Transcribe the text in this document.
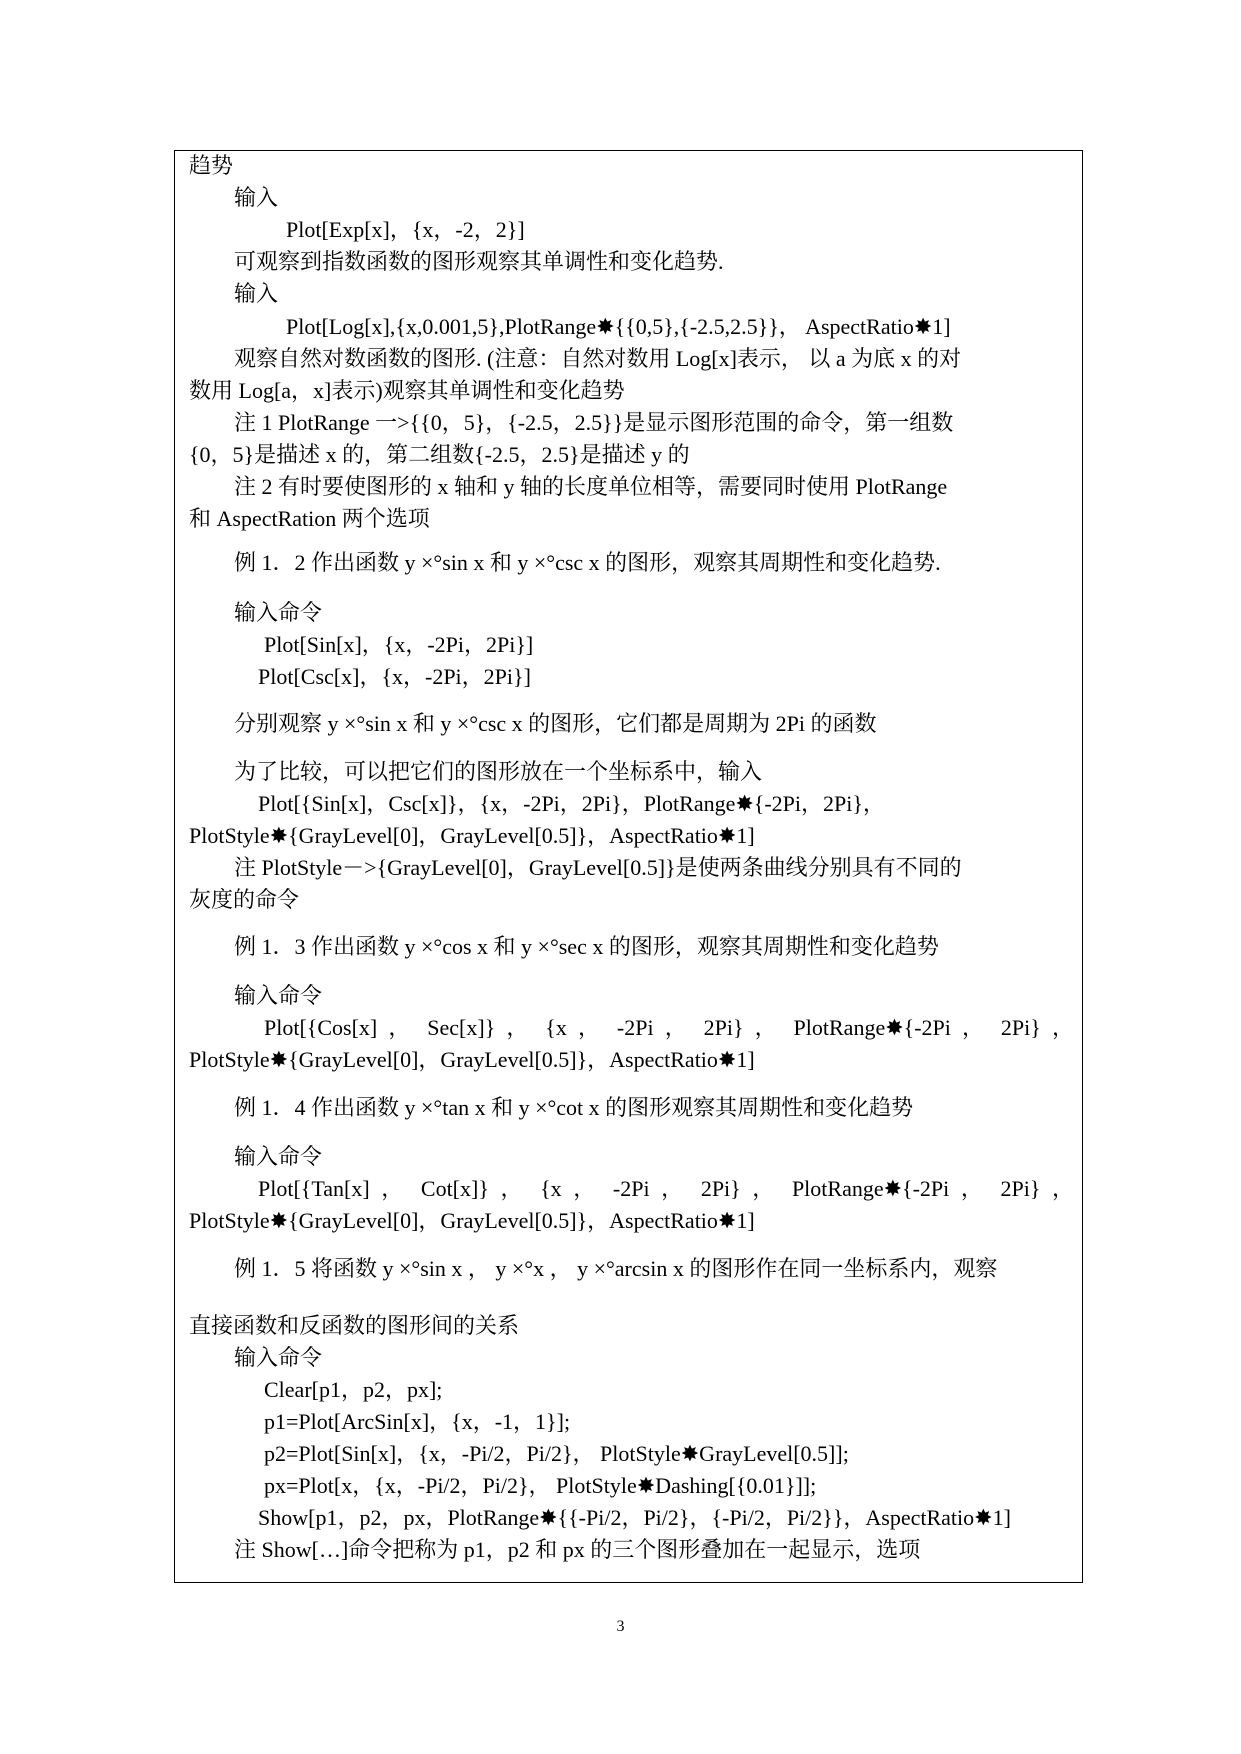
趋势
输入
Plot[Exp[x]，{x，-2，2}]
可观察到指数函数的图形观察其单调性和变化趋势.
输入
Plot[Log[x],{x,0.001,5},PlotRange✸{{0,5},{-2.5,2.5}}， AspectRatio✸1]
观察自然对数函数的图形. (注意：自然对数用 Log[x]表示， 以 a 为底 x 的对
数用 Log[a，x]表示)观察其单调性和变化趋势
注 1 PlotRange 一>{{0，5}，{-2.5，2.5}}是显示图形范围的命令，第一组数
{0，5}是描述 x 的，第二组数{-2.5，2.5}是描述 y 的
注 2 有时要使图形的 x 轴和 y 轴的长度单位相等，需要同时使用 PlotRange
和 AspectRation 两个选项
例 1．2 作出函数 y ×°sin x 和 y ×°csc x 的图形，观察其周期性和变化趋势.
输入命令
Plot[Sin[x]，{x，-2Pi，2Pi}]
Plot[Csc[x]，{x，-2Pi，2Pi}]
分别观察 y ×°sin x 和 y ×°csc x 的图形，它们都是周期为 2Pi 的函数
为了比较，可以把它们的图形放在一个坐标系中，输入
Plot[{Sin[x]，Csc[x]}，{x，-2Pi，2Pi}，PlotRange✸{-2Pi，2Pi}，
PlotStyle✸{GrayLevel[0]，GrayLevel[0.5]}，AspectRatio✸1]
注 PlotStyle－>{GrayLevel[0]，GrayLevel[0.5]}是使两条曲线分别具有不同的
灰度的命令
例 1．3 作出函数 y ×°cos x 和 y ×°sec x 的图形，观察其周期性和变化趋势
输入命令
Plot[{Cos[x] ， Sec[x]} ， {x ， -2Pi ， 2Pi} ， PlotRange✸{-2Pi ， 2Pi} ，
PlotStyle✸{GrayLevel[0]，GrayLevel[0.5]}，AspectRatio✸1]
例 1．4 作出函数 y ×°tan x 和 y ×°cot x 的图形观察其周期性和变化趋势
输入命令
Plot[{Tan[x] ， Cot[x]} ， {x ， -2Pi ， 2Pi} ， PlotRange✸{-2Pi ， 2Pi} ，
PlotStyle✸{GrayLevel[0]，GrayLevel[0.5]}，AspectRatio✸1]
例 1．5 将函数 y ×°sin x ， y ×°x ， y ×°arcsin x 的图形作在同一坐标系内，观察
直接函数和反函数的图形间的关系
输入命令
Clear[p1，p2，px];
p1=Plot[ArcSin[x]，{x，-1，1}];
p2=Plot[Sin[x]，{x，-Pi/2，Pi/2}， PlotStyle✸GrayLevel[0.5]];
px=Plot[x，{x，-Pi/2，Pi/2}， PlotStyle✸Dashing[{0.01}]];
Show[p1，p2，px，PlotRange✸{{-Pi/2，Pi/2}，{-Pi/2，Pi/2}}，AspectRatio✸1]
注 Show[…]命令把称为 p1，p2 和 px 的三个图形叠加在一起显示，选项
3
